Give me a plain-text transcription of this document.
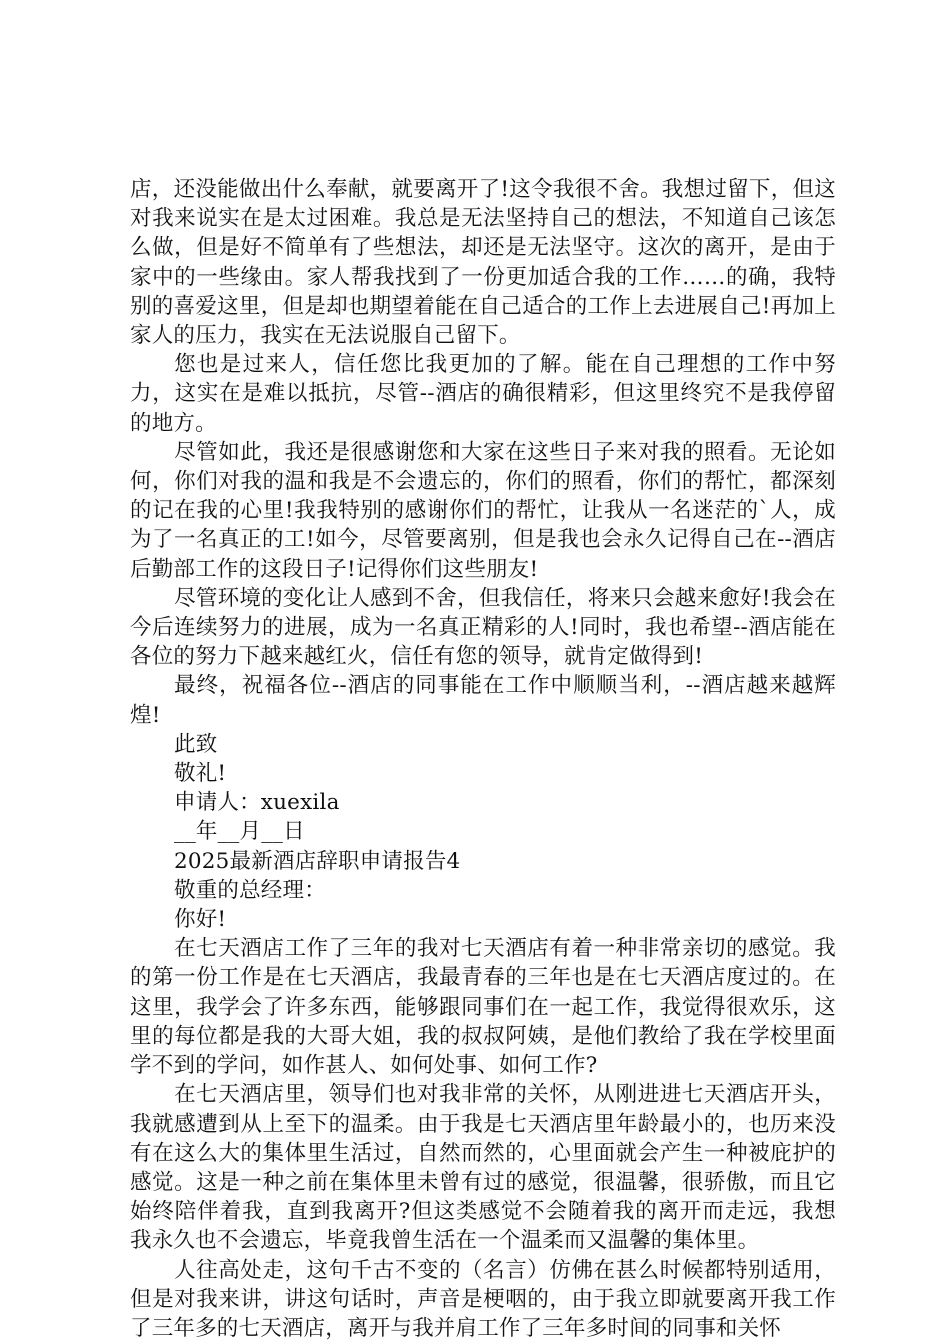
店，还没能做出什么奉献，就要离开了!这令我很不舍。我想过留下，但这对我来说实在是太过困难。我总是无法坚持自己的想法，不知道自己该怎么做，但是好不简单有了些想法，却还是无法坚守。这次的离开，是由于家中的一些缘由。家人帮我找到了一份更加适合我的工作……的确，我特别的喜爱这里，但是却也期望着能在自己适合的工作上去进展自己!再加上家人的压力，我实在无法说服自己留下。

您也是过来人，信任您比我更加的了解。能在自己理想的工作中努力，这实在是难以抵抗，尽管--酒店的确很精彩，但这里终究不是我停留的地方。

尽管如此，我还是很感谢您和大家在这些日子来对我的照看。无论如何，你们对我的温和我是不会遗忘的，你们的照看，你们的帮忙，都深刻的记在我的心里!我我特别的感谢你们的帮忙，让我从一名迷茫的`人，成为了一名真正的工!如今，尽管要离别，但是我也会永久记得自己在--酒店后勤部工作的这段日子!记得你们这些朋友!

尽管环境的变化让人感到不舍，但我信任，将来只会越来愈好!我会在今后连续努力的进展，成为一名真正精彩的人!同时，我也希望--酒店能在各位的努力下越来越红火，信任有您的领导，就肯定做得到!

最终，祝福各位--酒店的同事能在工作中顺顺当利，--酒店越来越辉煌!

此致

敬礼!

申请人：xuexila

__年__月__日

2025最新酒店辞职申请报告4

敬重的总经理：

你好!

在七天酒店工作了三年的我对七天酒店有着一种非常亲切的感觉。我的第一份工作是在七天酒店，我最青春的三年也是在七天酒店度过的。在这里，我学会了许多东西，能够跟同事们在一起工作，我觉得很欢乐，这里的每位都是我的大哥大姐，我的叔叔阿姨，是他们教给了我在学校里面学不到的学问，如作甚人、如何处事、如何工作?

在七天酒店里，领导们也对我非常的关怀，从刚进进七天酒店开头，我就感遭到从上至下的温柔。由于我是七天酒店里年龄最小的，也历来没有在这么大的集体里生活过，自然而然的，心里面就会产生一种被庇护的感觉。这是一种之前在集体里未曾有过的感觉，很温馨，很骄傲，而且它始终陪伴着我，直到我离开?但这类感觉不会随着我的离开而走远，我想我永久也不会遗忘，毕竟我曾生活在一个温柔而又温馨的集体里。

人往高处走，这句千古不变的（名言）仿佛在甚么时候都特别适用，但是对我来讲，讲这句话时，声音是梗咽的，由于我立即就要离开我工作了三年多的七天酒店，离开与我并肩工作了三年多时间的同事和关怀
